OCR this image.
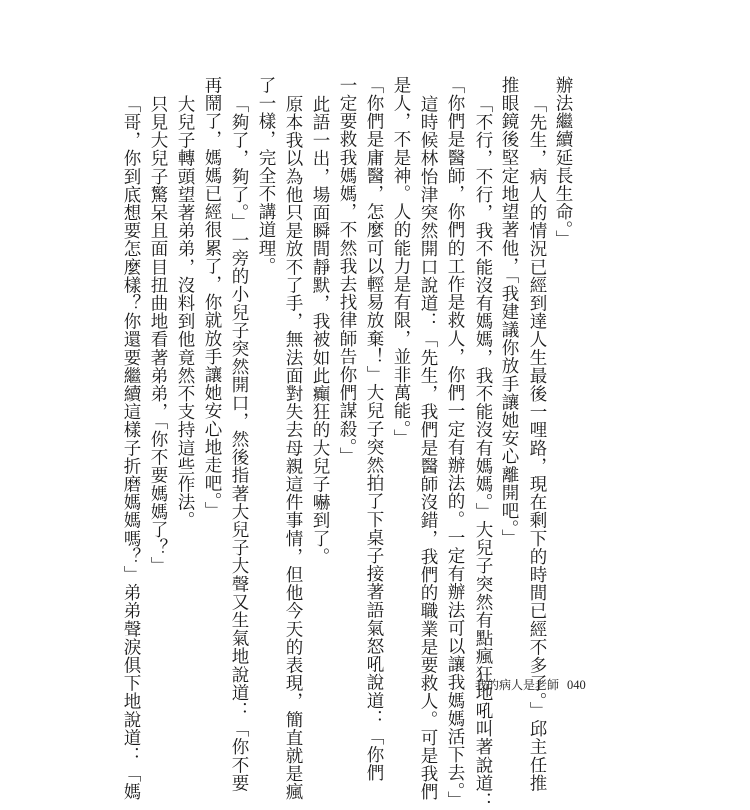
辦法繼續延長生命。」
「先生，病人的情況已經到達人生最後一哩路，現在剩下的時間已經不多了。」邱主任推
推眼鏡後堅定地望著他，「我建議你放手讓她安心離開吧。」
「不行，不行，我不能沒有媽媽，我不能沒有媽媽。」大兒子突然有點瘋狂地吼叫著說道：
「你們是醫師，你們的工作是救人，你們一定有辦法的。一定有辦法可以讓我媽媽活下去。」
這時候林怡津突然開口說道：「先生，我們是醫師沒錯，我們的職業是要救人。可是我們
是人，不是神。人的能力是有限，並非萬能。」
「你們是庸醫，怎麼可以輕易放棄！」大兒子突然拍了下桌子接著語氣怒吼說道：「你們
一定要救我媽媽，不然我去找律師告你們謀殺。」
此語一出，場面瞬間靜默，我被如此癲狂的大兒子嚇到了。
原本我以為他只是放不了手，無法面對失去母親這件事情，但他今天的表現，簡直就是瘋
了一樣，完全不講道理。
「夠了，夠了。」一旁的小兒子突然開口，然後指著大兒子大聲又生氣地說道：「你不要
再鬧了，媽媽已經很累了，你就放手讓她安心地走吧。」
大兒子轉頭望著弟弟，沒料到他竟然不支持這些作法。
只見大兒子驚呆且面目扭曲地看著弟弟，「你不要媽媽了？」
「哥，你到底想要怎麼樣？你還要繼續這樣子折磨媽媽嗎？」弟弟聲淚俱下地說道：「媽	我的病人是老師 040
